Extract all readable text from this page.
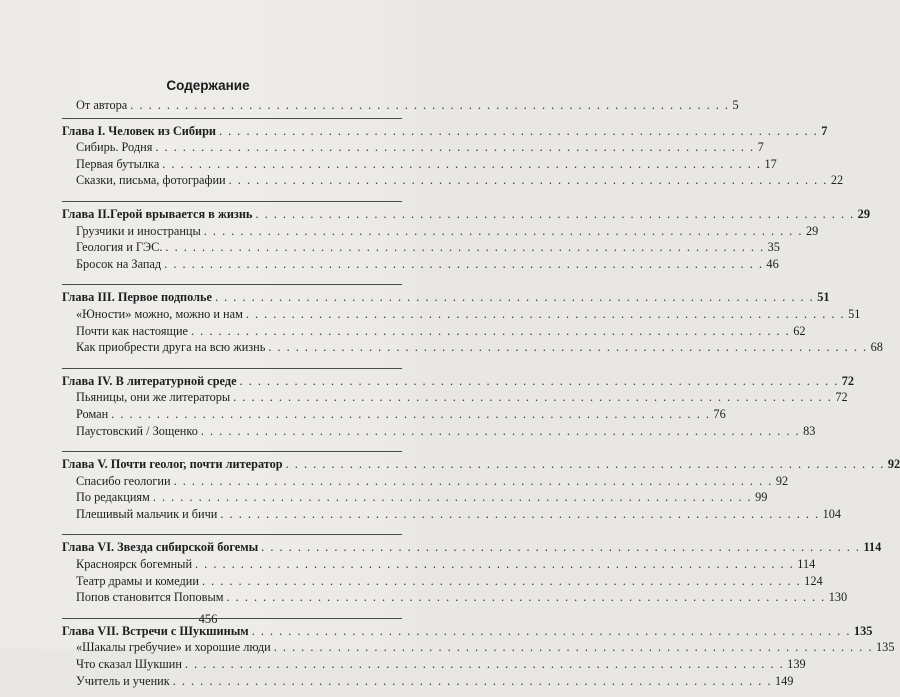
Содержание
От автора . . . . . . . . . . . . . . . . . . . . . . . . . . . . . . . . . . . . . . . . . . . . . . . . . . . . . . . . . . . . . . . . . . 5
Глава I. Человек из Сибири . . . . . . . . . . . . . . . . . . . . . . . . . . . . . . . . . . . . . . . . . . . . . . . . . . . . . . . . . . . . . . . . . . 7
Сибирь. Родня . . . . . . . . . . . . . . . . . . . . . . . . . . . . . . . . . . . . . . . . . . . . . . . . . . . . . . . . . . . . . . . . . . 7
Первая бутылка . . . . . . . . . . . . . . . . . . . . . . . . . . . . . . . . . . . . . . . . . . . . . . . . . . . . . . . . . . . . . . . . . . 17
Сказки, письма, фотографии . . . . . . . . . . . . . . . . . . . . . . . . . . . . . . . . . . . . . . . . . . . . . . . . . . . . . . . . . . . . . . . . . . 22
Глава II.Герой врывается в жизнь . . . . . . . . . . . . . . . . . . . . . . . . . . . . . . . . . . . . . . . . . . . . . . . . . . . . . . . . . . . . . . . . . . 29
Грузчики и иностранцы . . . . . . . . . . . . . . . . . . . . . . . . . . . . . . . . . . . . . . . . . . . . . . . . . . . . . . . . . . . . . . . . . . 29
Геология и ГЭС. . . . . . . . . . . . . . . . . . . . . . . . . . . . . . . . . . . . . . . . . . . . . . . . . . . . . . . . . . . . . . . . . . . 35
Бросок на Запад . . . . . . . . . . . . . . . . . . . . . . . . . . . . . . . . . . . . . . . . . . . . . . . . . . . . . . . . . . . . . . . . . . 46
Глава III. Первое подполье . . . . . . . . . . . . . . . . . . . . . . . . . . . . . . . . . . . . . . . . . . . . . . . . . . . . . . . . . . . . . . . . . . 51
«Юности» можно, можно и нам . . . . . . . . . . . . . . . . . . . . . . . . . . . . . . . . . . . . . . . . . . . . . . . . . . . . . . . . . . . . . . . . . . 51
Почти как настоящие . . . . . . . . . . . . . . . . . . . . . . . . . . . . . . . . . . . . . . . . . . . . . . . . . . . . . . . . . . . . . . . . . . 62
Как приобрести друга на всю жизнь . . . . . . . . . . . . . . . . . . . . . . . . . . . . . . . . . . . . . . . . . . . . . . . . . . . . . . . . . . . . . . . . . . 68
Глава IV. В литературной среде . . . . . . . . . . . . . . . . . . . . . . . . . . . . . . . . . . . . . . . . . . . . . . . . . . . . . . . . . . . . . . . . . . 72
Пьяницы, они же литераторы . . . . . . . . . . . . . . . . . . . . . . . . . . . . . . . . . . . . . . . . . . . . . . . . . . . . . . . . . . . . . . . . . . 72
Роман . . . . . . . . . . . . . . . . . . . . . . . . . . . . . . . . . . . . . . . . . . . . . . . . . . . . . . . . . . . . . . . . . . 76
Паустовский / Зощенко . . . . . . . . . . . . . . . . . . . . . . . . . . . . . . . . . . . . . . . . . . . . . . . . . . . . . . . . . . . . . . . . . . 83
Глава V. Почти геолог, почти литератор . . . . . . . . . . . . . . . . . . . . . . . . . . . . . . . . . . . . . . . . . . . . . . . . . . . . . . . . . . . . . . . . . . 92
Спасибо геологии . . . . . . . . . . . . . . . . . . . . . . . . . . . . . . . . . . . . . . . . . . . . . . . . . . . . . . . . . . . . . . . . . . 92
По редакциям . . . . . . . . . . . . . . . . . . . . . . . . . . . . . . . . . . . . . . . . . . . . . . . . . . . . . . . . . . . . . . . . . . 99
Плешивый мальчик и бичи . . . . . . . . . . . . . . . . . . . . . . . . . . . . . . . . . . . . . . . . . . . . . . . . . . . . . . . . . . . . . . . . . . 104
Глава VI. Звезда сибирской богемы . . . . . . . . . . . . . . . . . . . . . . . . . . . . . . . . . . . . . . . . . . . . . . . . . . . . . . . . . . . . . . . . . . 114
Красноярск богемный . . . . . . . . . . . . . . . . . . . . . . . . . . . . . . . . . . . . . . . . . . . . . . . . . . . . . . . . . . . . . . . . . . 114
Театр драмы и комедии . . . . . . . . . . . . . . . . . . . . . . . . . . . . . . . . . . . . . . . . . . . . . . . . . . . . . . . . . . . . . . . . . . 124
Попов становится Поповым . . . . . . . . . . . . . . . . . . . . . . . . . . . . . . . . . . . . . . . . . . . . . . . . . . . . . . . . . . . . . . . . . . 130
Глава VII. Встречи с Шукшиным . . . . . . . . . . . . . . . . . . . . . . . . . . . . . . . . . . . . . . . . . . . . . . . . . . . . . . . . . . . . . . . . . . 135
«Шакалы гребучие» и хорошие люди . . . . . . . . . . . . . . . . . . . . . . . . . . . . . . . . . . . . . . . . . . . . . . . . . . . . . . . . . . . . . . . . . . 135
Что сказал Шукшин . . . . . . . . . . . . . . . . . . . . . . . . . . . . . . . . . . . . . . . . . . . . . . . . . . . . . . . . . . . . . . . . . . 139
Учитель и ученик . . . . . . . . . . . . . . . . . . . . . . . . . . . . . . . . . . . . . . . . . . . . . . . . . . . . . . . . . . . . . . . . . . 149
456
